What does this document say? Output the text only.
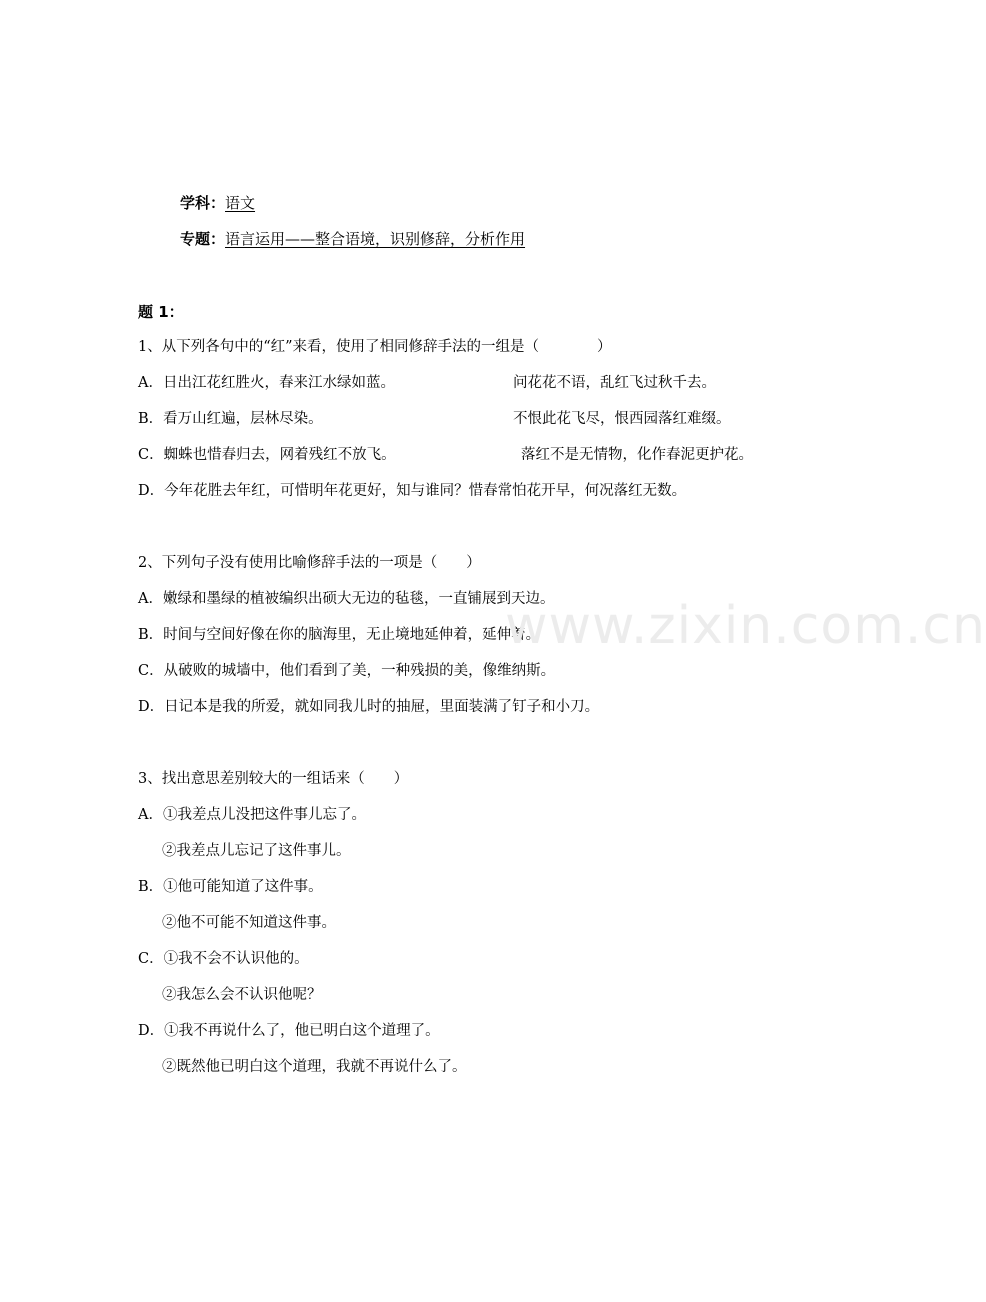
学科：语文
专题：语言运用——整合语境，识别修辞，分析作用
题 1：
1、从下列各句中的“红”来看，使用了相同修辞手法的一组是（　　　　）
A．日出江花红胜火，春来江水绿如蓝。	问花花不语，乱红飞过秋千去。
B．看万山红遍，层林尽染。	不恨此花飞尽，恨西园落红难缀。
C．蜘蛛也惜春归去，网着残红不放飞。	落红不是无情物，化作春泥更护花。
D．今年花胜去年红，可惜明年花更好，知与谁同？惜春常怕花开早，何况落红无数。
2、下列句子没有使用比喻修辞手法的一项是（　　）
A．嫩绿和墨绿的植被编织出硕大无边的毡毯，一直铺展到天边。
B．时间与空间好像在你的脑海里，无止境地延伸着，延伸着。
C．从破败的城墙中，他们看到了美，一种残损的美，像维纳斯。
D．日记本是我的所爱，就如同我儿时的抽屉，里面装满了钉子和小刀。
3、找出意思差别较大的一组话来（　　）
A．①我差点儿没把这件事儿忘了。
②我差点儿忘记了这件事儿。
B．①他可能知道了这件事。
②他不可能不知道这件事。
C．①我不会不认识他的。
②我怎么会不认识他呢？
D．①我不再说什么了，他已明白这个道理了。
②既然他已明白这个道理，我就不再说什么了。
www.zixin.com.cn
